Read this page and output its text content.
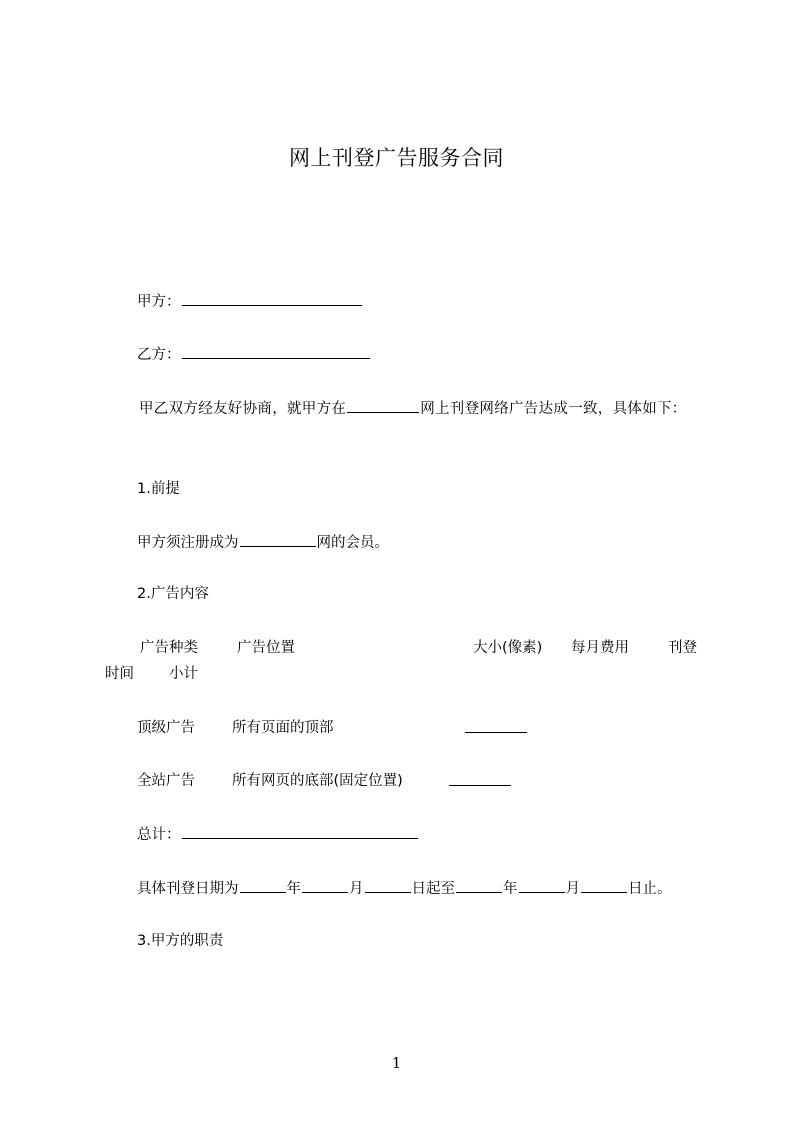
网上刊登广告服务合同
甲方：
乙方：
甲乙双方经友好协商，就甲方在	网上刊登网络广告达成一致，具体如下：
1.前提
甲方须注册成为	网的会员。
2.广告内容
广告种类	广告位置	大小(像素) 每月费用	刊登
时间 小计
顶级广告	所有页面的顶部
全站广告	所有网页的底部(固定位置)
总计：
具体刊登日期为	年	月	日起至	年	月	日止。
3.甲方的职责
1
